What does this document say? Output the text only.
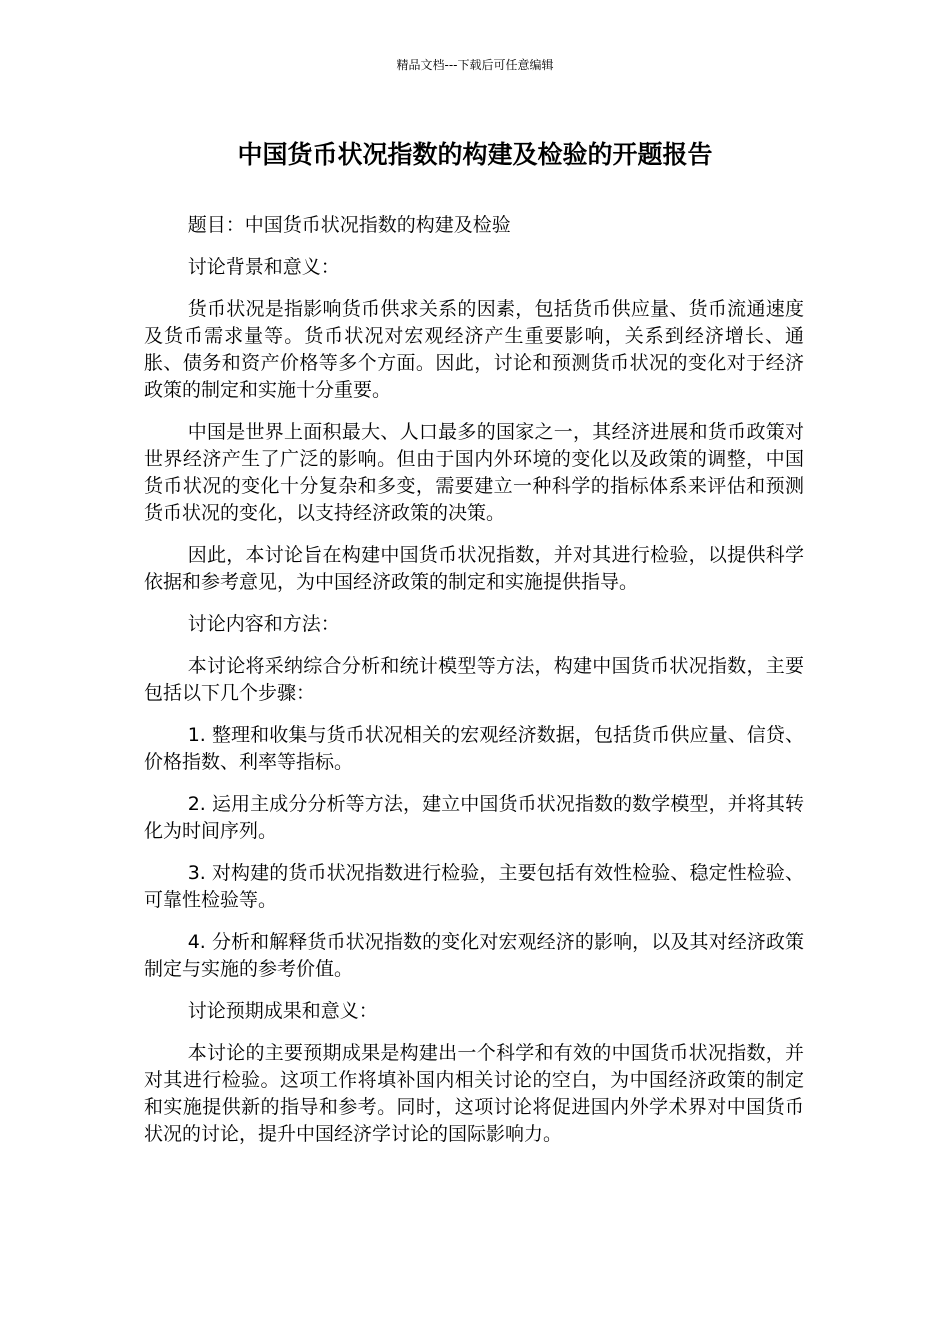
精品文档---下载后可任意编辑
中国货币状况指数的构建及检验的开题报告

题目：中国货币状况指数的构建及检验

讨论背景和意义：

货币状况是指影响货币供求关系的因素，包括货币供应量、货币流通速度及货币需求量等。货币状况对宏观经济产生重要影响，关系到经济增长、通胀、债务和资产价格等多个方面。因此，讨论和预测货币状况的变化对于经济政策的制定和实施十分重要。

中国是世界上面积最大、人口最多的国家之一，其经济进展和货币政策对世界经济产生了广泛的影响。但由于国内外环境的变化以及政策的调整，中国货币状况的变化十分复杂和多变，需要建立一种科学的指标体系来评估和预测货币状况的变化，以支持经济政策的决策。

因此，本讨论旨在构建中国货币状况指数，并对其进行检验，以提供科学依据和参考意见，为中国经济政策的制定和实施提供指导。

讨论内容和方法：

本讨论将采纳综合分析和统计模型等方法，构建中国货币状况指数，主要包括以下几个步骤：

1. 整理和收集与货币状况相关的宏观经济数据，包括货币供应量、信贷、价格指数、利率等指标。

2. 运用主成分分析等方法，建立中国货币状况指数的数学模型，并将其转化为时间序列。

3. 对构建的货币状况指数进行检验，主要包括有效性检验、稳定性检验、可靠性检验等。

4. 分析和解释货币状况指数的变化对宏观经济的影响，以及其对经济政策制定与实施的参考价值。

讨论预期成果和意义：

本讨论的主要预期成果是构建出一个科学和有效的中国货币状况指数，并对其进行检验。这项工作将填补国内相关讨论的空白，为中国经济政策的制定和实施提供新的指导和参考。同时，这项讨论将促进国内外学术界对中国货币状况的讨论，提升中国经济学讨论的国际影响力。
